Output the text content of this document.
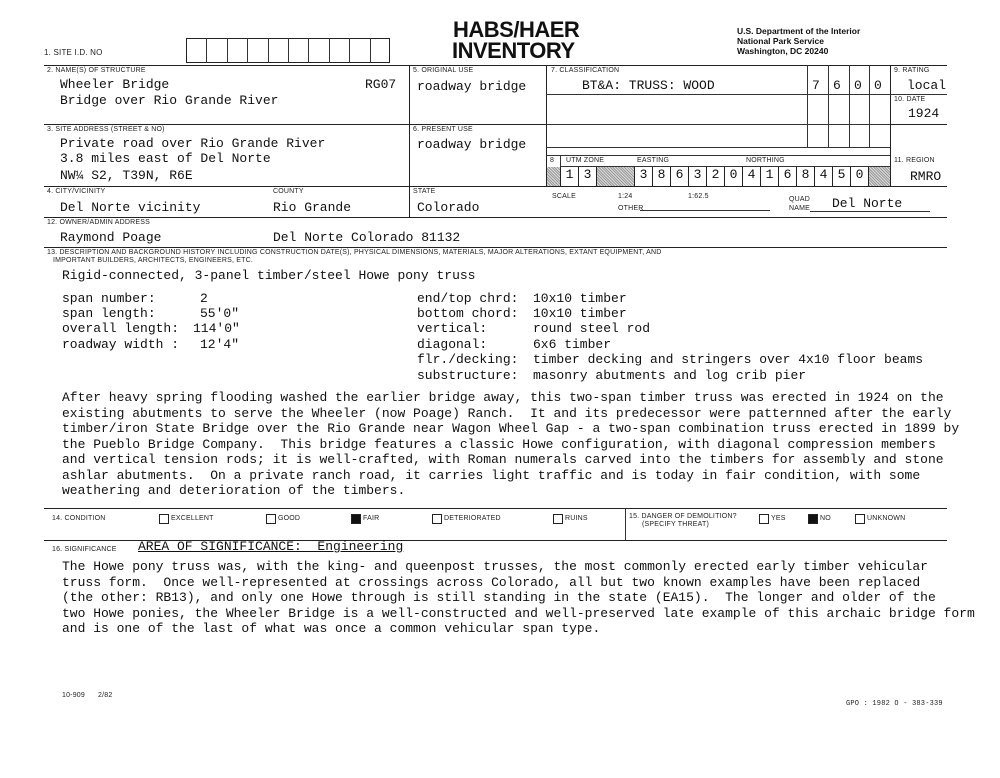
1. SITE I.D. NO
HABS/HAER
INVENTORY
U.S. Department of the Interior
National Park Service
Washington, DC 20240
2. NAME(S) OF STRUCTURE
Wheeler Bridge	RG07
Bridge over Rio Grande River
5. ORIGINAL USE
roadway bridge
7. CLASSIFICATION
BT&A: TRUSS: WOOD	7 6 0 0
9. RATING
local
10. DATE
1924
3. SITE ADDRESS (STREET & NO)
Private road over Rio Grande River
3.8 miles east of Del Norte
NW¼ S2, T39N, R6E
6. PRESENT USE
roadway bridge
8 UTM ZONE	EASTING	NORTHING
1 3	3 8 6 3 2 0 4 1 6 8 4 5 0
11. REGION
RMRO
4. CITY/VICINITY
Del Norte vicinity
COUNTY
Rio Grande
STATE
Colorado
SCALE	1:24	1:62.5
OTHER
QUAD
NAME Del Norte
12. OWNER/ADMIN ADDRESS
Raymond Poage	Del Norte Colorado 81132
13. DESCRIPTION AND BACKGROUND HISTORY INCLUDING CONSTRUCTION DATE(S), PHYSICAL DIMENSIONS, MATERIALS, MAJOR ALTERATIONS, EXTANT EQUIPMENT, AND
IMPORTANT BUILDERS, ARCHITECTS, ENGINEERS, ETC.
Rigid-connected, 3-panel timber/steel Howe pony truss
span number:	2
span length:	55'0"
overall length: 114'0"
roadway width : 12'4"
end/top chrd: 10x10 timber
bottom chord: 10x10 timber
vertical:	round steel rod
diagonal:	6x6 timber
flr./decking: timber decking and stringers over 4x10 floor beams
substructure: masonry abutments and log crib pier
After heavy spring flooding washed the earlier bridge away, this two-span timber truss was erected in 1924 on the
existing abutments to serve the Wheeler (now Poage) Ranch.  It and its predecessor were patternned after the early
timber/iron State Bridge over the Rio Grande near Wagon Wheel Gap - a two-span combination truss erected in 1899 by
the Pueblo Bridge Company.  This bridge features a classic Howe configuration, with diagonal compression members
and vertical tension rods; it is well-crafted, with Roman numerals carved into the timbers for assembly and stone
ashlar abutments.  On a private ranch road, it carries light traffic and is today in fair condition, with some
weathering and deterioration of the timbers.
14. CONDITION	EXCELLENT	GOOD	FAIR	DETERIORATED	RUINS	15. DANGER OF DEMOLITION?
(SPECIFY THREAT)
YES	NO	UNKNOWN
16. SIGNIFICANCE AREA OF SIGNIFICANCE:  Engineering
The Howe pony truss was, with the king- and queenpost trusses, the most commonly erected early timber vehicular
truss form.  Once well-represented at crossings across Colorado, all but two known examples have been replaced
(the other: RB13), and only one Howe through is still standing in the state (EA15).  The longer and older of the
two Howe ponies, the Wheeler Bridge is a well-constructed and well-preserved late example of this archaic bridge form
and is one of the last of what was once a common vehicular span type.
10-909 2/82
GPO : 1982 O - 383-339
